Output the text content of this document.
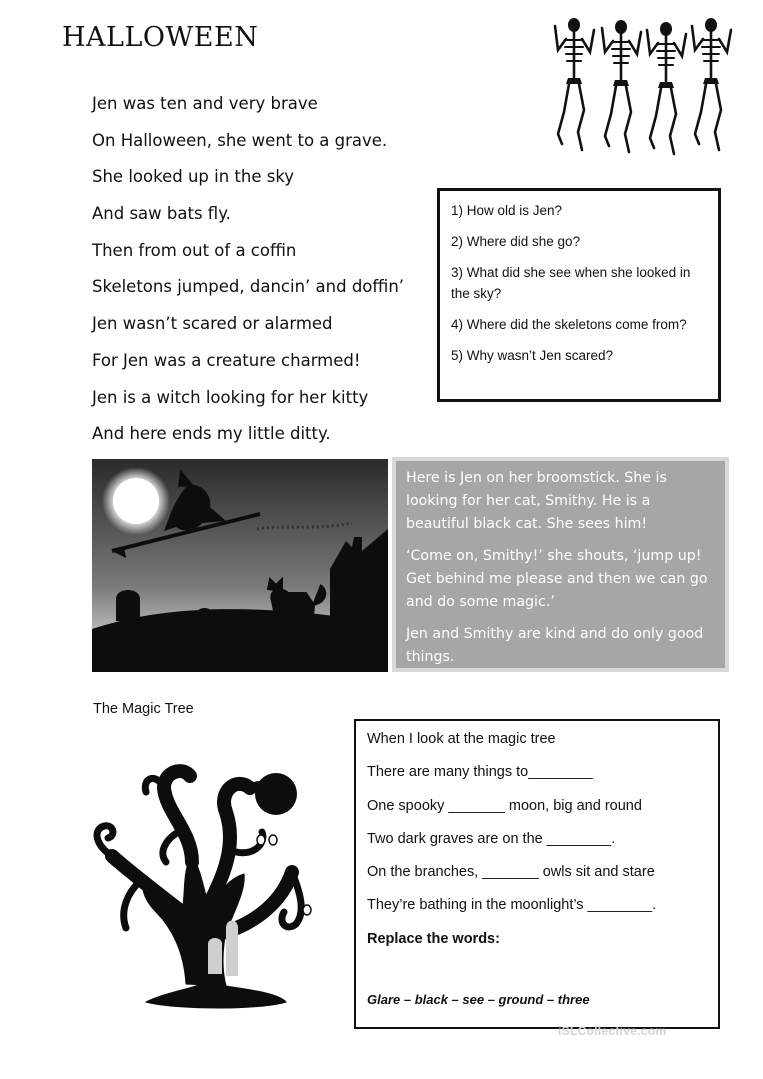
HALLOWEEN
Jen was ten and very brave
On Halloween, she went to a grave.
She looked up in the sky
And saw bats fly.
Then from out of a coffin
Skeletons jumped, dancin’ and doffin’
Jen wasn’t scared or alarmed
For Jen was a creature charmed!
Jen is a witch looking for her kitty
And here ends my little ditty.
1) How old is Jen?
2) Where did she go?
3) What did she see when she looked in the sky?
4) Where did the skeletons come from?
5) Why wasn’t Jen scared?

Here is Jen on her broomstick. She is looking for her cat, Smithy. He is a beautiful black cat. She sees him!

‘Come on, Smithy!’ she shouts, ‘jump up! Get behind me please and then we can go and do some magic.’

Jen and Smithy are kind and do only good things.

The Magic Tree
When I look at the magic tree
There are many things to________
One spooky _______ moon, big and round
Two dark graves are on the ________.
On the branches, _______ owls sit and stare
They’re bathing in the moonlight’s ________.
Replace the words:
Glare – black – see – ground – three
iSLCollective.com
